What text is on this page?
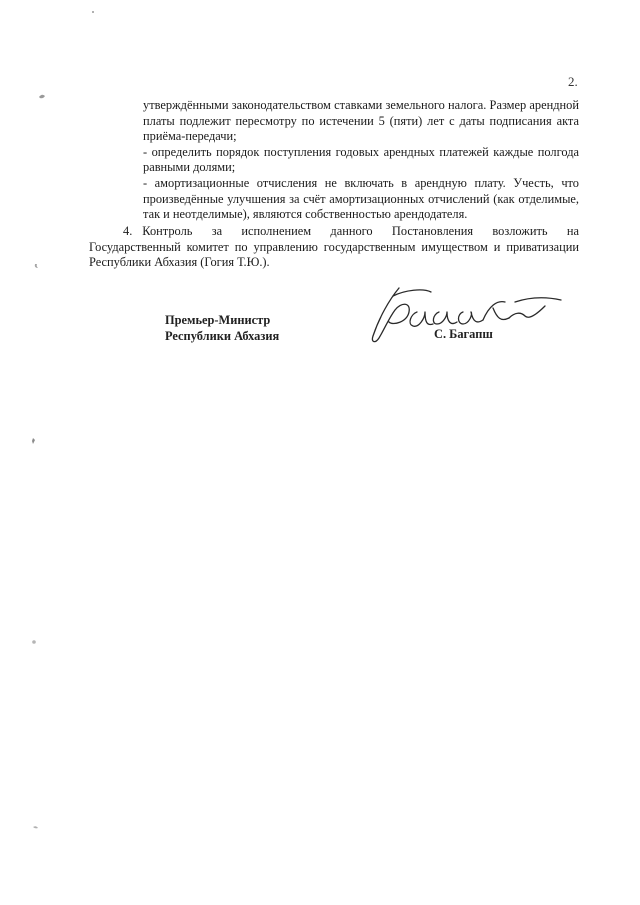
2.

утверждёнными законодательством ставками земельного налога. Размер арендной платы подлежит пересмотру по истечении 5 (пяти) лет с даты подписания акта приёма-передачи;

- определить порядок поступления годовых арендных платежей каждые полгода равными долями;

- амортизационные отчисления не включать в арендную плату. Учесть, что произведённые улучшения за счёт амортизационных отчислений (как отделимые, так и неотделимые), являются собственностью арендодателя.

4. Контроль за исполнением данного Постановления возложить на
Государственный комитет по управлению государственным имуществом и приватизации
Республики Абхазия (Гогия Т.Ю.).
Премьер-Министр
Республики Абхазия	С. Багапш
